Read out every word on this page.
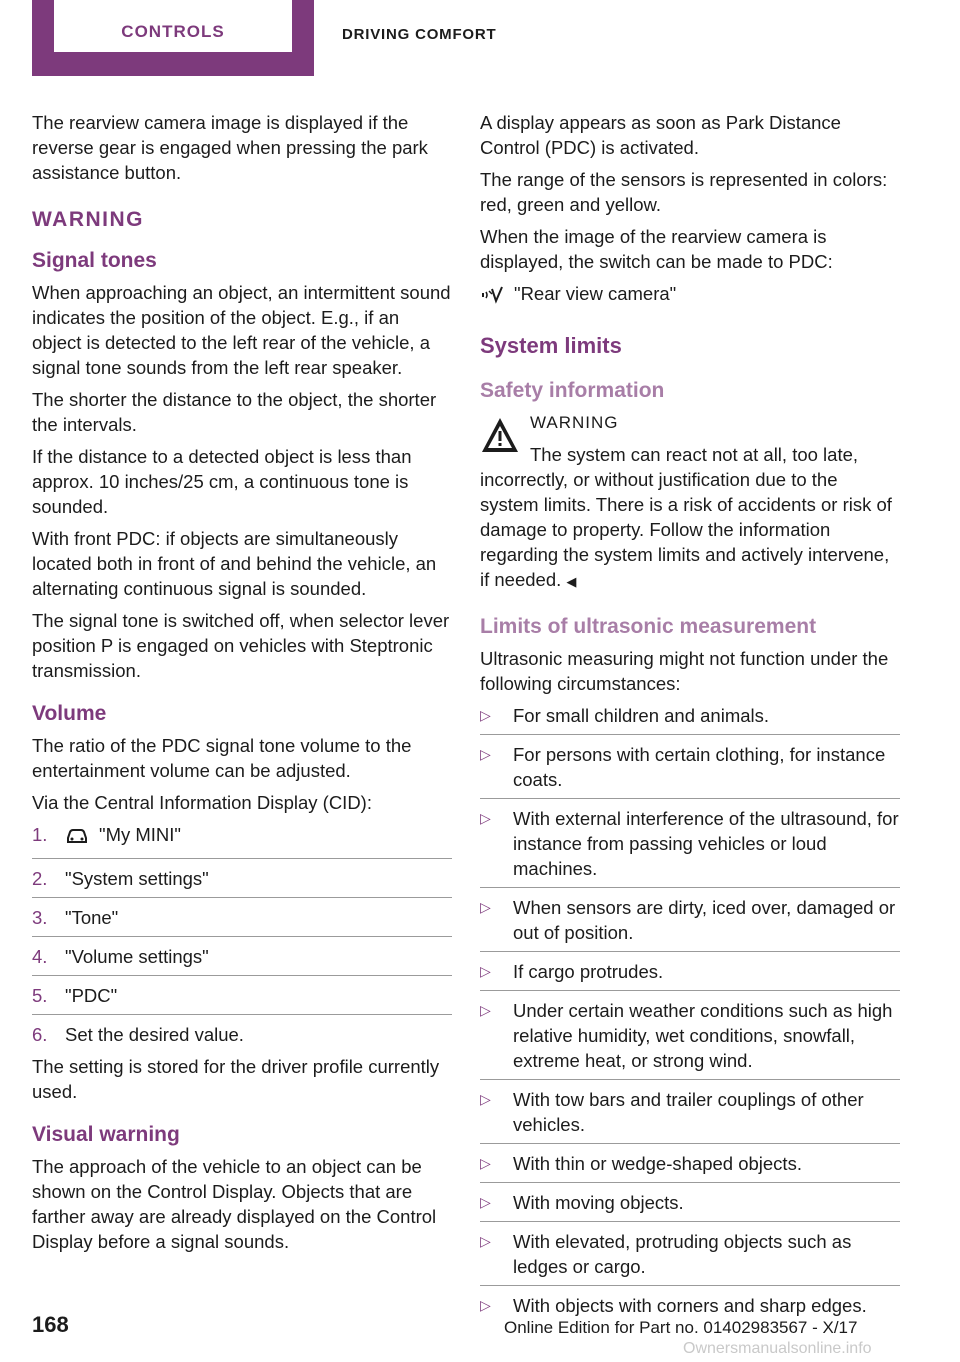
CONTROLS	DRIVING COMFORT

The rearview camera image is displayed if the reverse gear is engaged when pressing the park assistance button.

WARNING
Signal tones

When approaching an object, an intermittent sound indicates the position of the object. E.g., if an object is detected to the left rear of the vehicle, a signal tone sounds from the left rear speaker.

The shorter the distance to the object, the shorter the intervals.

If the distance to a detected object is less than approx. 10 inches/25 cm, a continuous tone is sounded.

With front PDC: if objects are simultaneously located both in front of and behind the vehicle, an alternating continuous signal is sounded.

The signal tone is switched off, when selector lever position P is engaged on vehicles with Steptronic transmission.

Volume

The ratio of the PDC signal tone volume to the entertainment volume can be adjusted.

Via the Central Information Display (CID):

1.	"My MINI"
2. "System settings"
3. "Tone"
4. "Volume settings"
5. "PDC"
6. Set the desired value.

The setting is stored for the driver profile currently used.

Visual warning

The approach of the vehicle to an object can be shown on the Control Display. Objects that are farther away are already displayed on the Control Display before a signal sounds.

A display appears as soon as Park Distance Control (PDC) is activated.

The range of the sensors is represented in colors: red, green and yellow.

When the image of the rearview camera is displayed, the switch can be made to PDC:

"Rear view camera"

System limits
Safety information
WARNING
The system can react not at all, too late,
incorrectly, or without justification due to the system limits. There is a risk of accidents or risk of damage to property. Follow the information regarding the system limits and actively intervene, if needed. ◀
Limits of ultrasonic measurement

Ultrasonic measuring might not function under the following circumstances:

▷ For small children and animals.
▷ For persons with certain clothing, for instance coats.
▷ With external interference of the ultrasound, for instance from passing vehicles or loud machines.
▷ When sensors are dirty, iced over, damaged or out of position.
▷ If cargo protrudes.
▷ Under certain weather conditions such as high relative humidity, wet conditions, snowfall, extreme heat, or strong wind.
▷ With tow bars and trailer couplings of other vehicles.
▷ With thin or wedge-shaped objects.
▷ With moving objects.
▷ With elevated, protruding objects such as ledges or cargo.
▷ With objects with corners and sharp edges.
168	Online Edition for Part no. 01402983567 - X/17
Ownersmanualsonline.info
